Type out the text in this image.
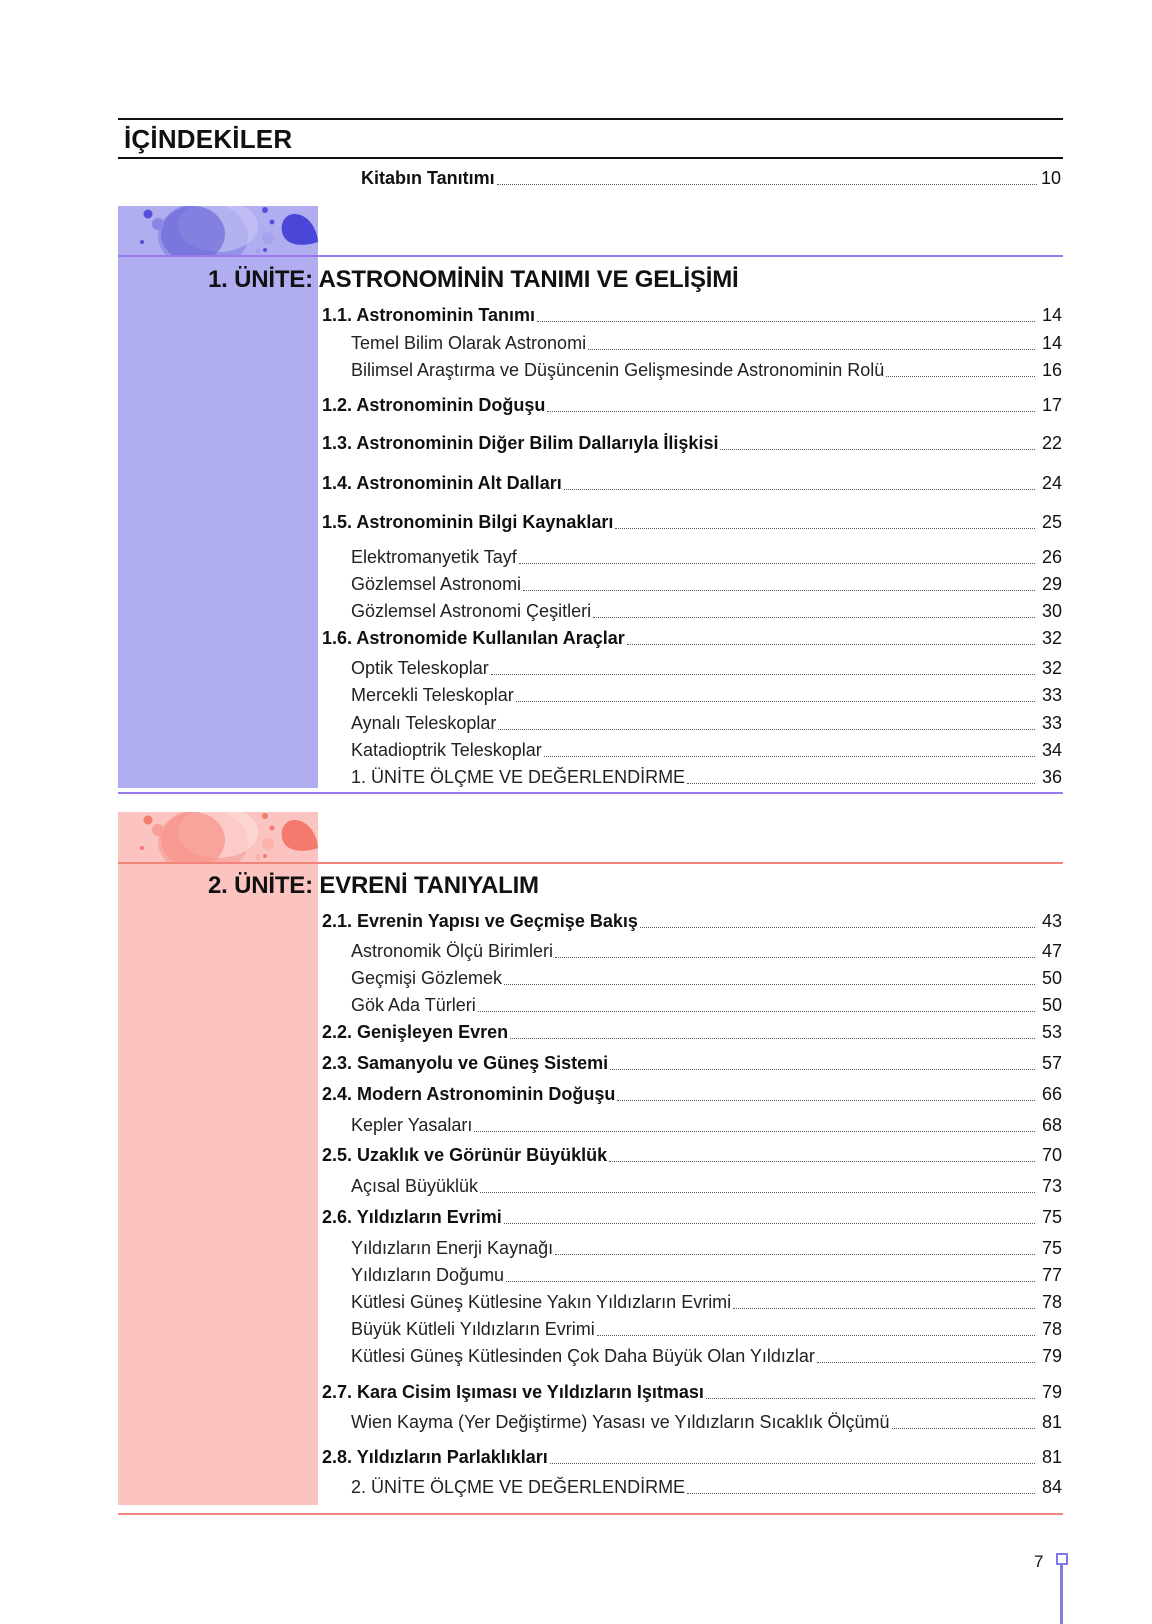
İÇİNDEKİLER
Kitabın Tanıtımı	10
1. ÜNİTE: ASTRONOMİNİN TANIMI VE GELİŞİMİ
1.1. Astronominin Tanımı	14
Temel Bilim Olarak Astronomi	14
Bilimsel Araştırma ve Düşüncenin Gelişmesinde Astronominin Rolü	16
1.2. Astronominin Doğuşu	17
1.3. Astronominin Diğer Bilim Dallarıyla İlişkisi	22
1.4. Astronominin Alt Dalları	24
1.5. Astronominin Bilgi Kaynakları	25
Elektromanyetik Tayf	26
Gözlemsel Astronomi	29
Gözlemsel Astronomi Çeşitleri	30
1.6. Astronomide Kullanılan Araçlar	32
Optik Teleskoplar	32
Mercekli Teleskoplar	33
Aynalı Teleskoplar	33
Katadioptrik Teleskoplar	34
1. ÜNİTE ÖLÇME VE DEĞERLENDİRME	36
2. ÜNİTE: EVRENİ TANIYALIM
2.1. Evrenin Yapısı ve Geçmişe Bakış	43
Astronomik Ölçü Birimleri	47
Geçmişi Gözlemek	50
Gök Ada Türleri	50
2.2. Genişleyen Evren	53
2.3. Samanyolu ve Güneş Sistemi	57
2.4. Modern Astronominin Doğuşu	66
Kepler Yasaları	68
2.5. Uzaklık ve Görünür Büyüklük	70
Açısal Büyüklük	73
2.6. Yıldızların Evrimi	75
Yıldızların Enerji Kaynağı	75
Yıldızların Doğumu	77
Kütlesi Güneş Kütlesine Yakın Yıldızların Evrimi	78
Büyük Kütleli Yıldızların Evrimi	78
Kütlesi Güneş Kütlesinden Çok Daha Büyük Olan Yıldızlar	79
2.7. Kara Cisim Işıması ve Yıldızların Işıtması	79
Wien Kayma (Yer Değiştirme) Yasası ve Yıldızların Sıcaklık Ölçümü	81
2.8. Yıldızların Parlaklıkları	81
2. ÜNİTE ÖLÇME VE DEĞERLENDİRME	84
7
